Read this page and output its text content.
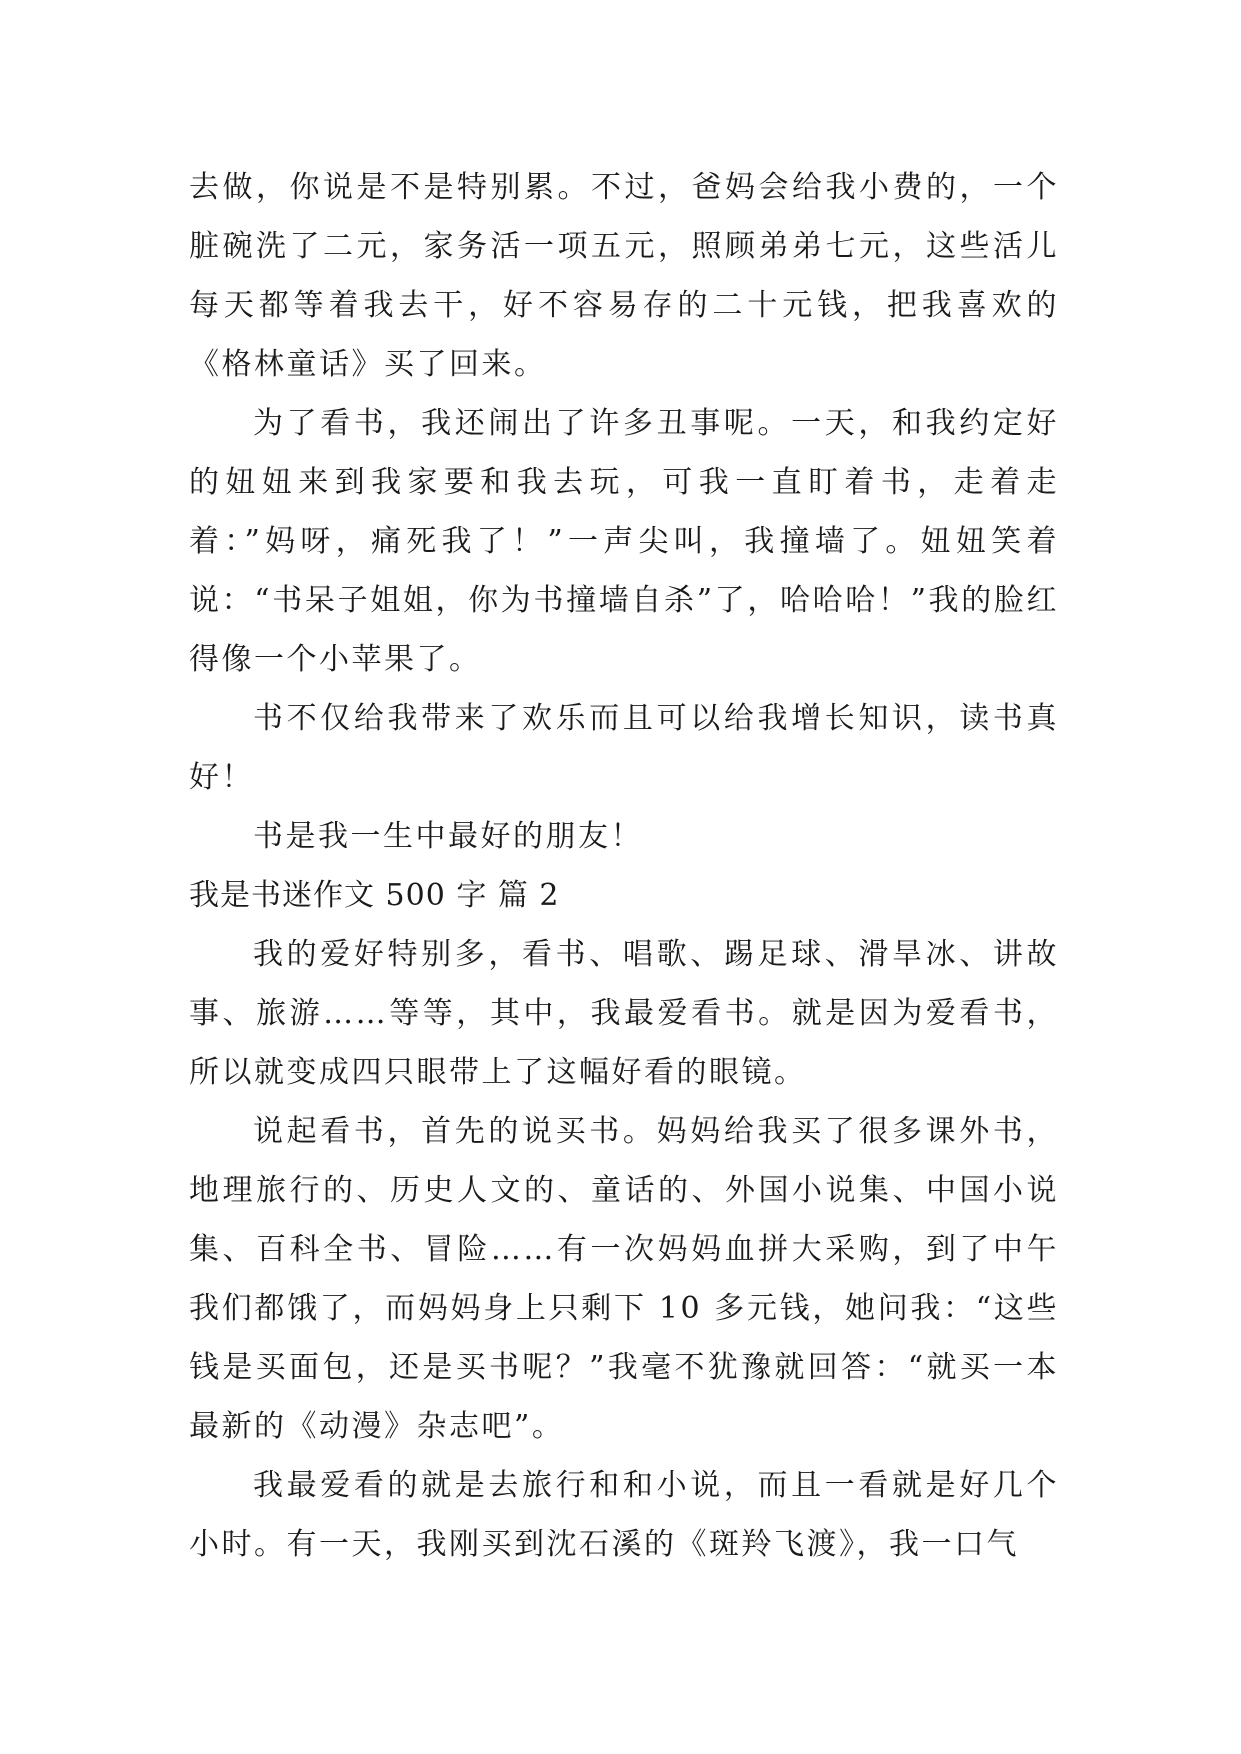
去做，你说是不是特别累。不过，爸妈会给我小费的，一个脏碗洗了二元，家务活一项五元，照顾弟弟七元，这些活儿每天都等着我去干，好不容易存的二十元钱，把我喜欢的《格林童话》买了回来。

为了看书，我还闹出了许多丑事呢。一天，和我约定好的妞妞来到我家要和我去玩，可我一直盯着书，走着走着：”妈呀，痛死我了！”一声尖叫，我撞墙了。妞妞笑着说：“书呆子姐姐，你为书撞墙自杀”了，哈哈哈！”我的脸红得像一个小苹果了。

书不仅给我带来了欢乐而且可以给我增长知识，读书真好！

书是我一生中最好的朋友！

我是书迷作文 500 字 篇 2

我的爱好特别多，看书、唱歌、踢足球、滑旱冰、讲故事、旅游……等等，其中，我最爱看书。就是因为爱看书，所以就变成四只眼带上了这幅好看的眼镜。

说起看书，首先的说买书。妈妈给我买了很多课外书，地理旅行的、历史人文的、童话的、外国小说集、中国小说集、百科全书、冒险……有一次妈妈血拼大采购，到了中午我们都饿了，而妈妈身上只剩下 10 多元钱，她问我：“这些钱是买面包，还是买书呢？”我毫不犹豫就回答：“就买一本最新的《动漫》杂志吧”。

我最爱看的就是去旅行和和小说，而且一看就是好几个小时。有一天，我刚买到沈石溪的《斑羚飞渡》，我一口气
